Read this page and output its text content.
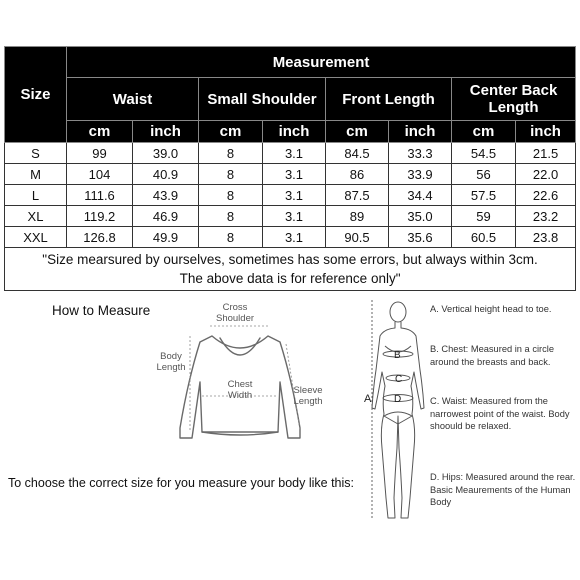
Size	Measurement							
	Waist		Small Shoulder		Front Length		Center Back Length	
	cm	inch	cm	inch	cm	inch	cm	inch
S	99	39.0	8	3.1	84.5	33.3	54.5	21.5
M	104	40.9	8	3.1	86	33.9	56	22.0
L	111.6	43.9	8	3.1	87.5	34.4	57.5	22.6
XL	119.2	46.9	8	3.1	89	35.0	59	23.2
XXL	126.8	49.9	8	3.1	90.5	35.6	60.5	23.8

"Size mearsured by ourselves, sometimes has some errors, but always within 3cm.
The above data is for reference only"								
How to Measure	Cross Shoulder
Body Length
Chest Width	Sleeve Length	A
B
C
D
A. Vertical height head to toe.
B. Chest: Measured in a circle around the breasts and back.
C. Waist: Measured from the narrowest point of the waist. Body shoould be relaxed.
D. Hips: Measured around the rear. Basic Meaurements of the Human Body
To choose the correct size for you measure your body like this:
